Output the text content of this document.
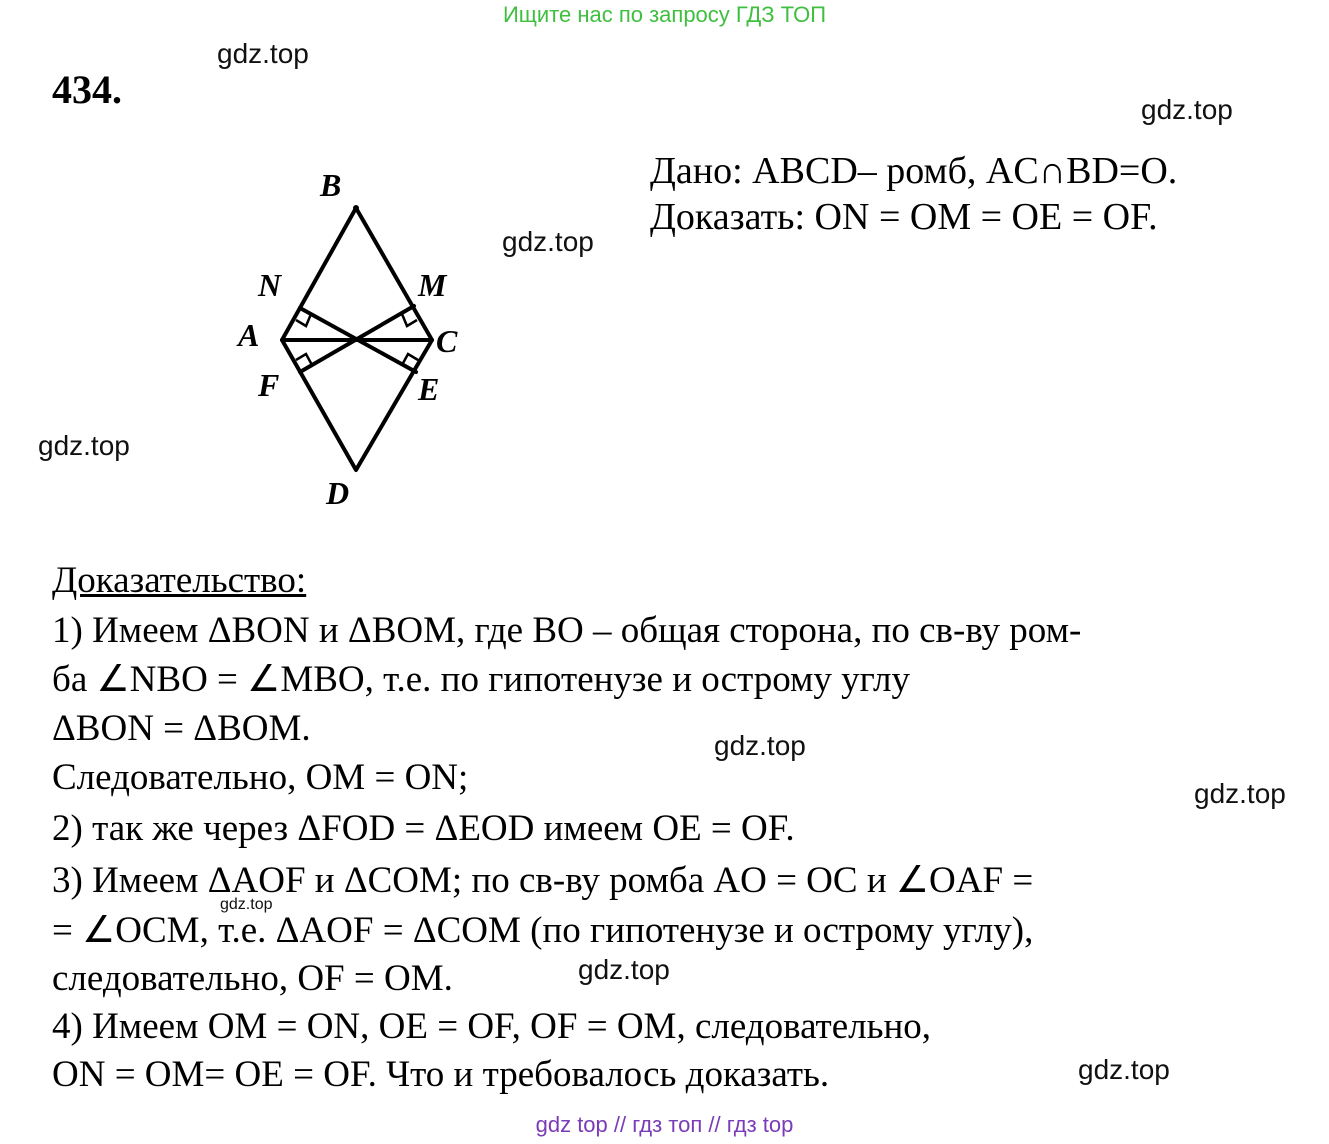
Ищите нас по запросу ГДЗ ТОП
434.
gdz.top
gdz.top
gdz.top
gdz.top
gdz.top
gdz.top
gdz.top
gdz.top
gdz.top
Дано: ABCD– ромб, AC∩BD=O.
Доказать: ON = OM = OE = OF.
B
N	M
A	C
F	E
D
Доказательство:
1) Имеем ΔBON и ΔBOM, где BO – общая сторона, по св-ву ром-
ба ∠NBO = ∠MBO, т.е. по гипотенузе и острому углу
ΔBON = ΔBOM.
Следовательно, OM = ON;
2) так же через ΔFOD = ΔEOD имеем OE = OF.
3) Имеем ΔAOF и ΔCOM; по св-ву ромба AO = OC и ∠OAF =
= ∠OCM, т.е. ΔAOF = ΔCOM (по гипотенузе и острому углу),
следовательно, OF = OM.
4) Имеем OM = ON, OE = OF, OF = OM, следовательно,
ON = OM= OE = OF. Что и требовалось доказать.
gdz top // гдз топ // гдз top
